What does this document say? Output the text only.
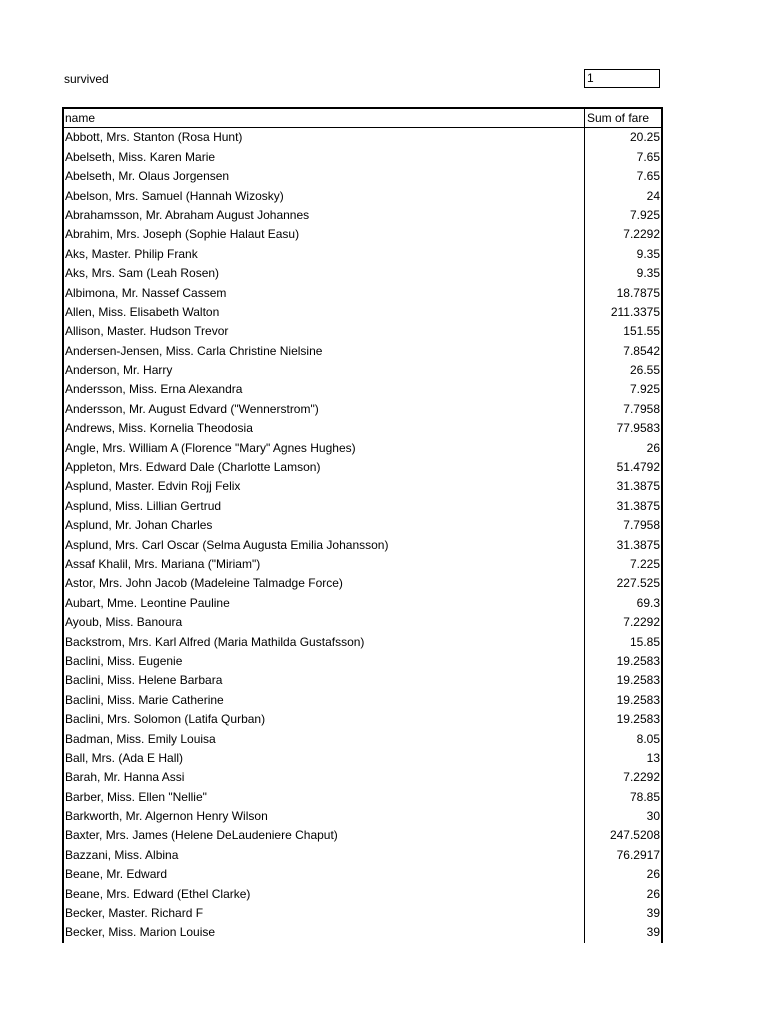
survived	1
name	Sum of fare
Abbott, Mrs. Stanton (Rosa Hunt)	20.25
Abelseth, Miss. Karen Marie	7.65
Abelseth, Mr. Olaus Jorgensen	7.65
Abelson, Mrs. Samuel (Hannah Wizosky)	24
Abrahamsson, Mr. Abraham August Johannes	7.925
Abrahim, Mrs. Joseph (Sophie Halaut Easu)	7.2292
Aks, Master. Philip Frank	9.35
Aks, Mrs. Sam (Leah Rosen)	9.35
Albimona, Mr. Nassef Cassem	18.7875
Allen, Miss. Elisabeth Walton	211.3375
Allison, Master. Hudson Trevor	151.55
Andersen-Jensen, Miss. Carla Christine Nielsine	7.8542
Anderson, Mr. Harry	26.55
Andersson, Miss. Erna Alexandra	7.925
Andersson, Mr. August Edvard ("Wennerstrom")	7.7958
Andrews, Miss. Kornelia Theodosia	77.9583
Angle, Mrs. William A (Florence "Mary" Agnes Hughes)	26
Appleton, Mrs. Edward Dale (Charlotte Lamson)	51.4792
Asplund, Master. Edvin Rojj Felix	31.3875
Asplund, Miss. Lillian Gertrud	31.3875
Asplund, Mr. Johan Charles	7.7958
Asplund, Mrs. Carl Oscar (Selma Augusta Emilia Johansson)	31.3875
Assaf Khalil, Mrs. Mariana ("Miriam")	7.225
Astor, Mrs. John Jacob (Madeleine Talmadge Force)	227.525
Aubart, Mme. Leontine Pauline	69.3
Ayoub, Miss. Banoura	7.2292
Backstrom, Mrs. Karl Alfred (Maria Mathilda Gustafsson)	15.85
Baclini, Miss. Eugenie	19.2583
Baclini, Miss. Helene Barbara	19.2583
Baclini, Miss. Marie Catherine	19.2583
Baclini, Mrs. Solomon (Latifa Qurban)	19.2583
Badman, Miss. Emily Louisa	8.05
Ball, Mrs. (Ada E Hall)	13
Barah, Mr. Hanna Assi	7.2292
Barber, Miss. Ellen "Nellie"	78.85
Barkworth, Mr. Algernon Henry Wilson	30
Baxter, Mrs. James (Helene DeLaudeniere Chaput)	247.5208
Bazzani, Miss. Albina	76.2917
Beane, Mr. Edward	26
Beane, Mrs. Edward (Ethel Clarke)	26
Becker, Master. Richard F	39
Becker, Miss. Marion Louise	39
